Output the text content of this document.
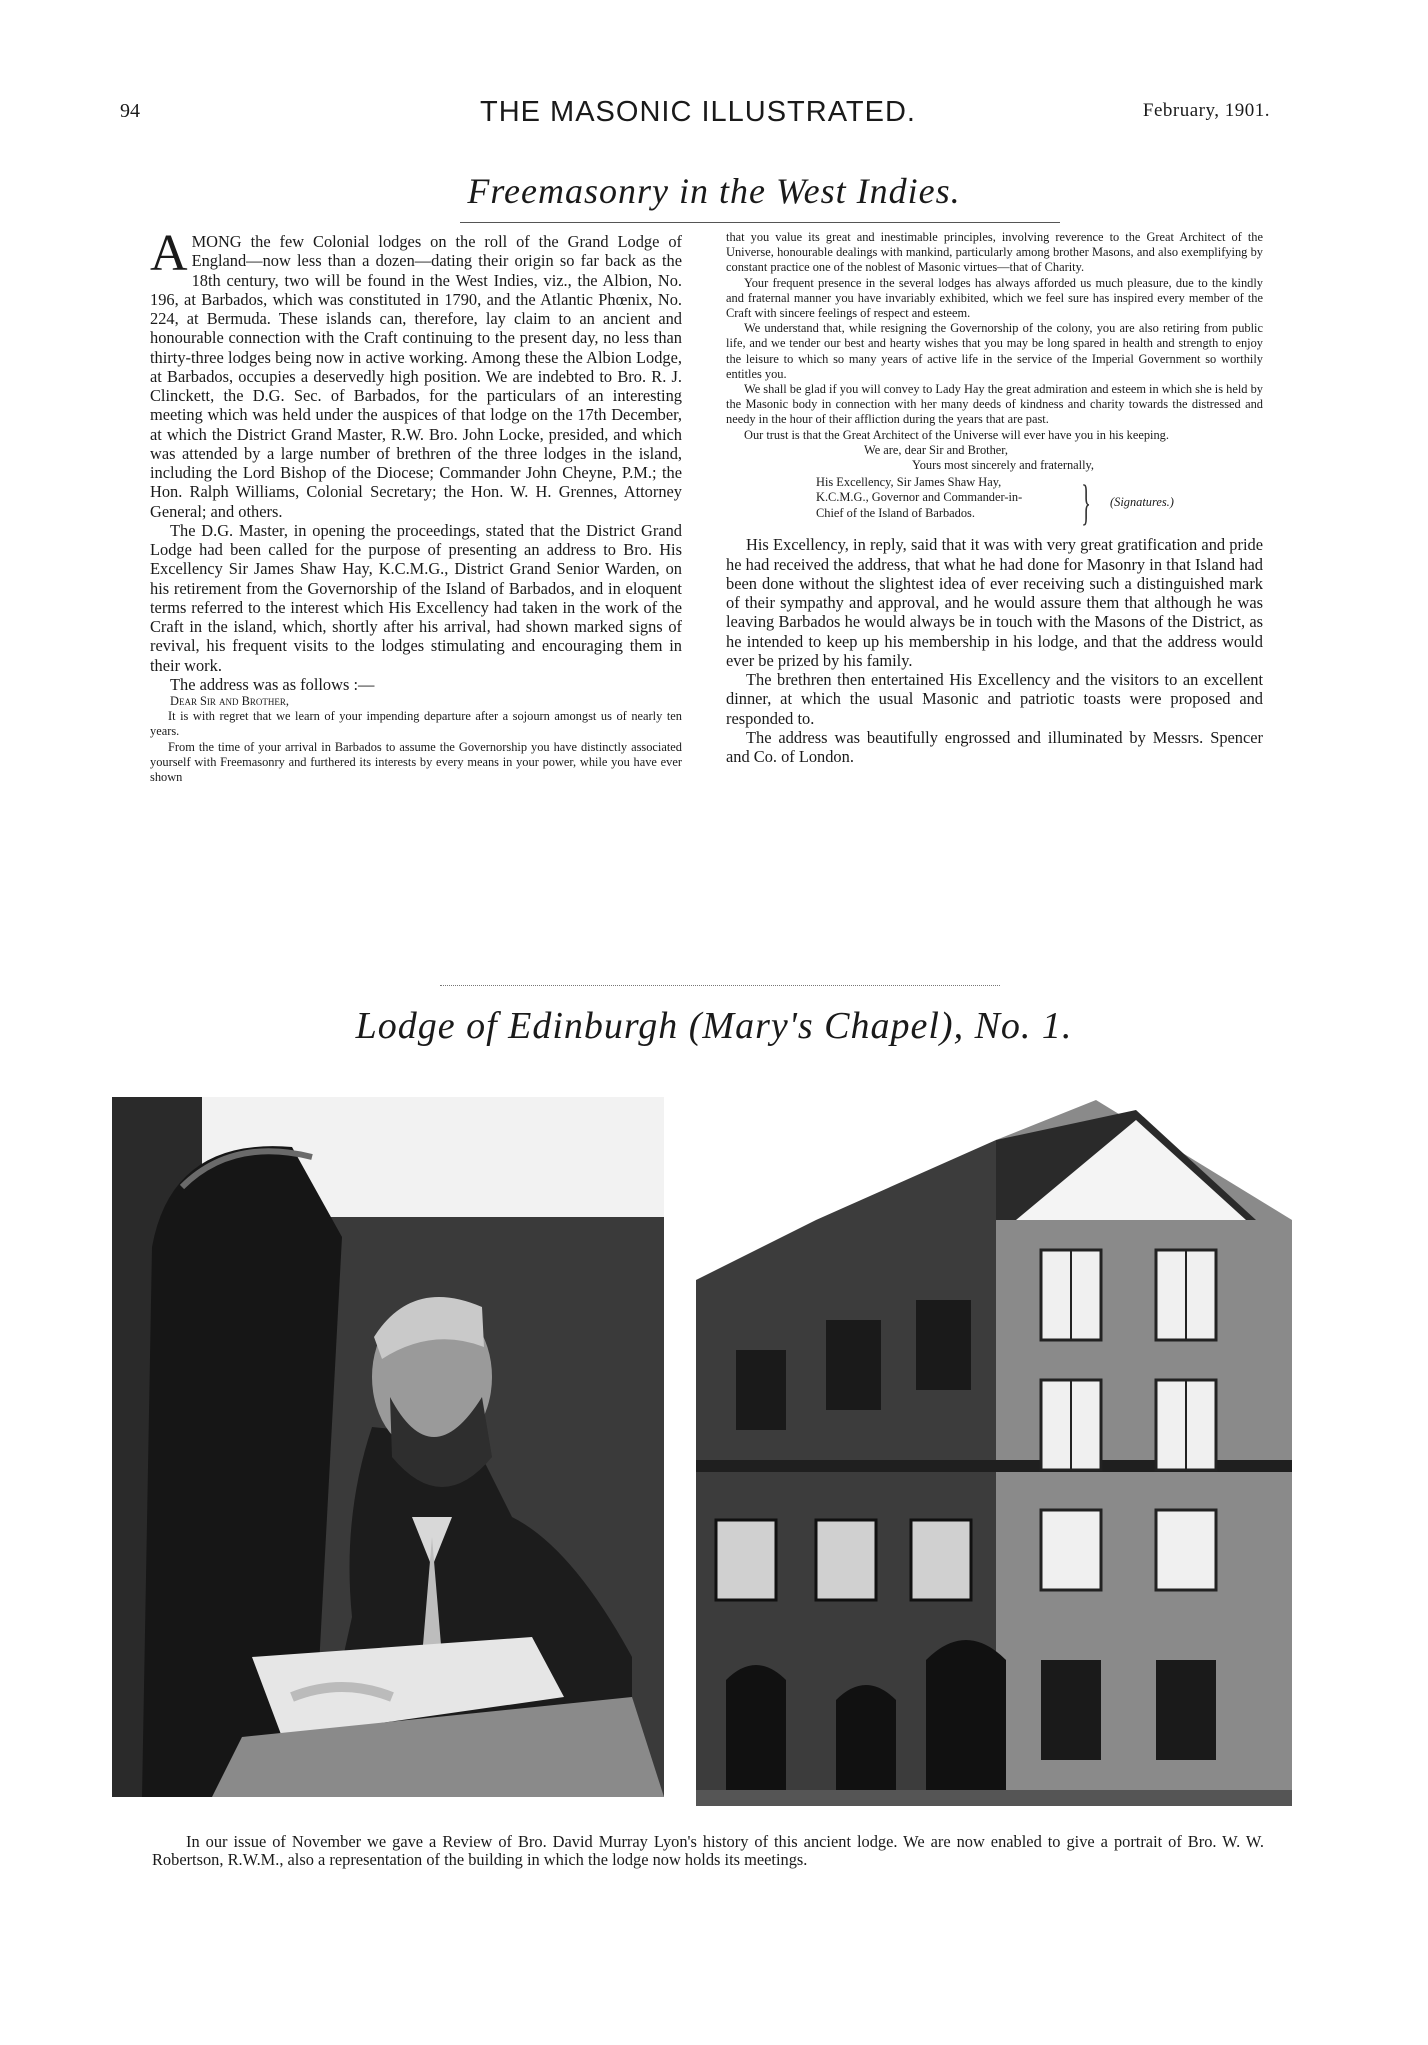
94	THE MASONIC ILLUSTRATED.	February, 1901.
Freemasonry in the West Indies.

AMONG the few Colonial lodges on the roll of the Grand Lodge of England—now less than a dozen—dating their origin so far back as the 18th century, two will be found in the West Indies, viz., the Albion, No. 196, at Barbados, which was constituted in 1790, and the Atlantic Phœnix, No. 224, at Bermuda. These islands can, therefore, lay claim to an ancient and honourable connection with the Craft continuing to the present day, no less than thirty-three lodges being now in active working. Among these the Albion Lodge, at Barbados, occupies a deservedly high position. We are indebted to Bro. R. J. Clinckett, the D.G. Sec. of Barbados, for the particulars of an interesting meeting which was held under the auspices of that lodge on the 17th December, at which the District Grand Master, R.W. Bro. John Locke, presided, and which was attended by a large number of brethren of the three lodges in the island, including the Lord Bishop of the Diocese; Commander John Cheyne, P.M.; the Hon. Ralph Williams, Colonial Secretary; the Hon. W. H. Grennes, Attorney General; and others.

The D.G. Master, in opening the proceedings, stated that the District Grand Lodge had been called for the purpose of presenting an address to Bro. His Excellency Sir James Shaw Hay, K.C.M.G., District Grand Senior Warden, on his retirement from the Governorship of the Island of Barbados, and in eloquent terms referred to the interest which His Excellency had taken in the work of the Craft in the island, which, shortly after his arrival, had shown marked signs of revival, his frequent visits to the lodges stimulating and encouraging them in their work.

The address was as follows :—

Dear Sir and Brother,

It is with regret that we learn of your impending departure after a sojourn amongst us of nearly ten years.

From the time of your arrival in Barbados to assume the Governorship you have distinctly associated yourself with Freemasonry and furthered its interests by every means in your power, while you have ever shown

that you value its great and inestimable principles, involving reverence to the Great Architect of the Universe, honourable dealings with mankind, particularly among brother Masons, and also exemplifying by constant practice one of the noblest of Masonic virtues—that of Charity.

Your frequent presence in the several lodges has always afforded us much pleasure, due to the kindly and fraternal manner you have invariably exhibited, which we feel sure has inspired every member of the Craft with sincere feelings of respect and esteem.

We understand that, while resigning the Governorship of the colony, you are also retiring from public life, and we tender our best and hearty wishes that you may be long spared in health and strength to enjoy the leisure to which so many years of active life in the service of the Imperial Government so worthily entitles you.

We shall be glad if you will convey to Lady Hay the great admiration and esteem in which she is held by the Masonic body in connection with her many deeds of kindness and charity towards the distressed and needy in the hour of their affliction during the years that are past.

Our trust is that the Great Architect of the Universe will ever have you in his keeping.

We are, dear Sir and Brother,

Yours most sincerely and fraternally,

His Excellency, Sir James Shaw Hay,
K.C.M.G., Governor and Commander-in-
Chief of the Island of Barbados.	} (Signatures.)

His Excellency, in reply, said that it was with very great gratification and pride he had received the address, that what he had done for Masonry in that Island had been done without the slightest idea of ever receiving such a distinguished mark of their sympathy and approval, and he would assure them that although he was leaving Barbados he would always be in touch with the Masons of the District, as he intended to keep up his membership in his lodge, and that the address would ever be prized by his family.

The brethren then entertained His Excellency and the visitors to an excellent dinner, at which the usual Masonic and patriotic toasts were proposed and responded to.

The address was beautifully engrossed and illuminated by Messrs. Spencer and Co. of London.

Lodge of Edinburgh (Mary's Chapel), No. 1.
In our issue of November we gave a Review of Bro. David Murray Lyon's history of this ancient lodge. We are now enabled to give a portrait of Bro. W. W. Robertson, R.W.M., also a representation of the building in which the lodge now holds its meetings.
